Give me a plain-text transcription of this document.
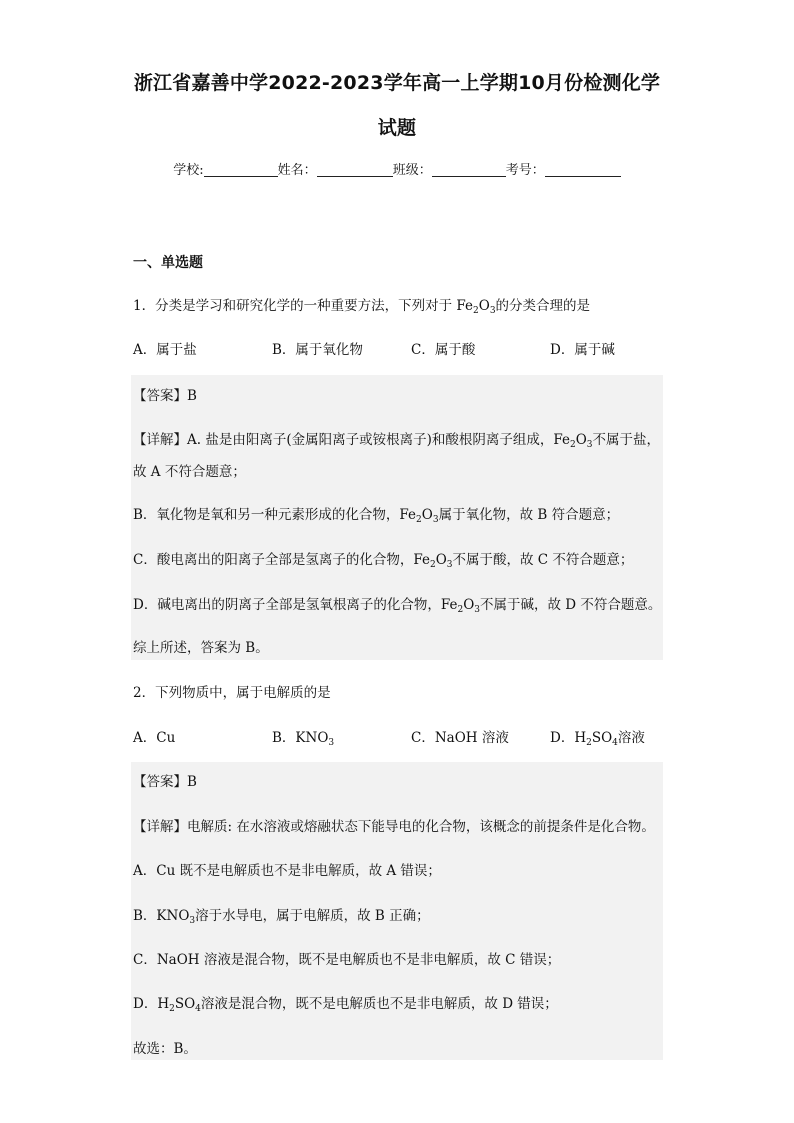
浙江省嘉善中学2022-2023学年高一上学期10月份检测化学
试题
学校:	姓名：	班级：	考号：
一、单选题
1．分类是学习和研究化学的一种重要方法，下列对于 $Fe_2O_3$的分类合理的是
A．属于盐	B．属于氧化物	C．属于酸	D．属于碱
【答案】B
【详解】A. 盐是由阳离子(金属阳离子或铵根离子)和酸根阴离子组成，$Fe_2O_3$不属于盐，
故 A 不符合题意；
B．氧化物是氧和另一种元素形成的化合物，$Fe_2O_3$属于氧化物，故 B 符合题意；
C．酸电离出的阳离子全部是氢离子的化合物，$Fe_2O_3$不属于酸，故 C 不符合题意；
D．碱电离出的阴离子全部是氢氧根离子的化合物，$Fe_2O_3$不属于碱，故 D 不符合题意。
综上所述，答案为 B。
2．下列物质中，属于电解质的是
A．Cu	B．$KNO_3$	C．NaOH 溶液	D．$H_2SO_4$溶液
【答案】B
【详解】电解质: 在水溶液或熔融状态下能导电的化合物，该概念的前提条件是化合物。
A．Cu 既不是电解质也不是非电解质，故 A 错误；
B．$KNO_3$溶于水导电，属于电解质，故 B 正确；
C．NaOH 溶液是混合物，既不是电解质也不是非电解质，故 C 错误；
D．$H_2SO_4$溶液是混合物，既不是电解质也不是非电解质，故 D 错误；
故选：B。
